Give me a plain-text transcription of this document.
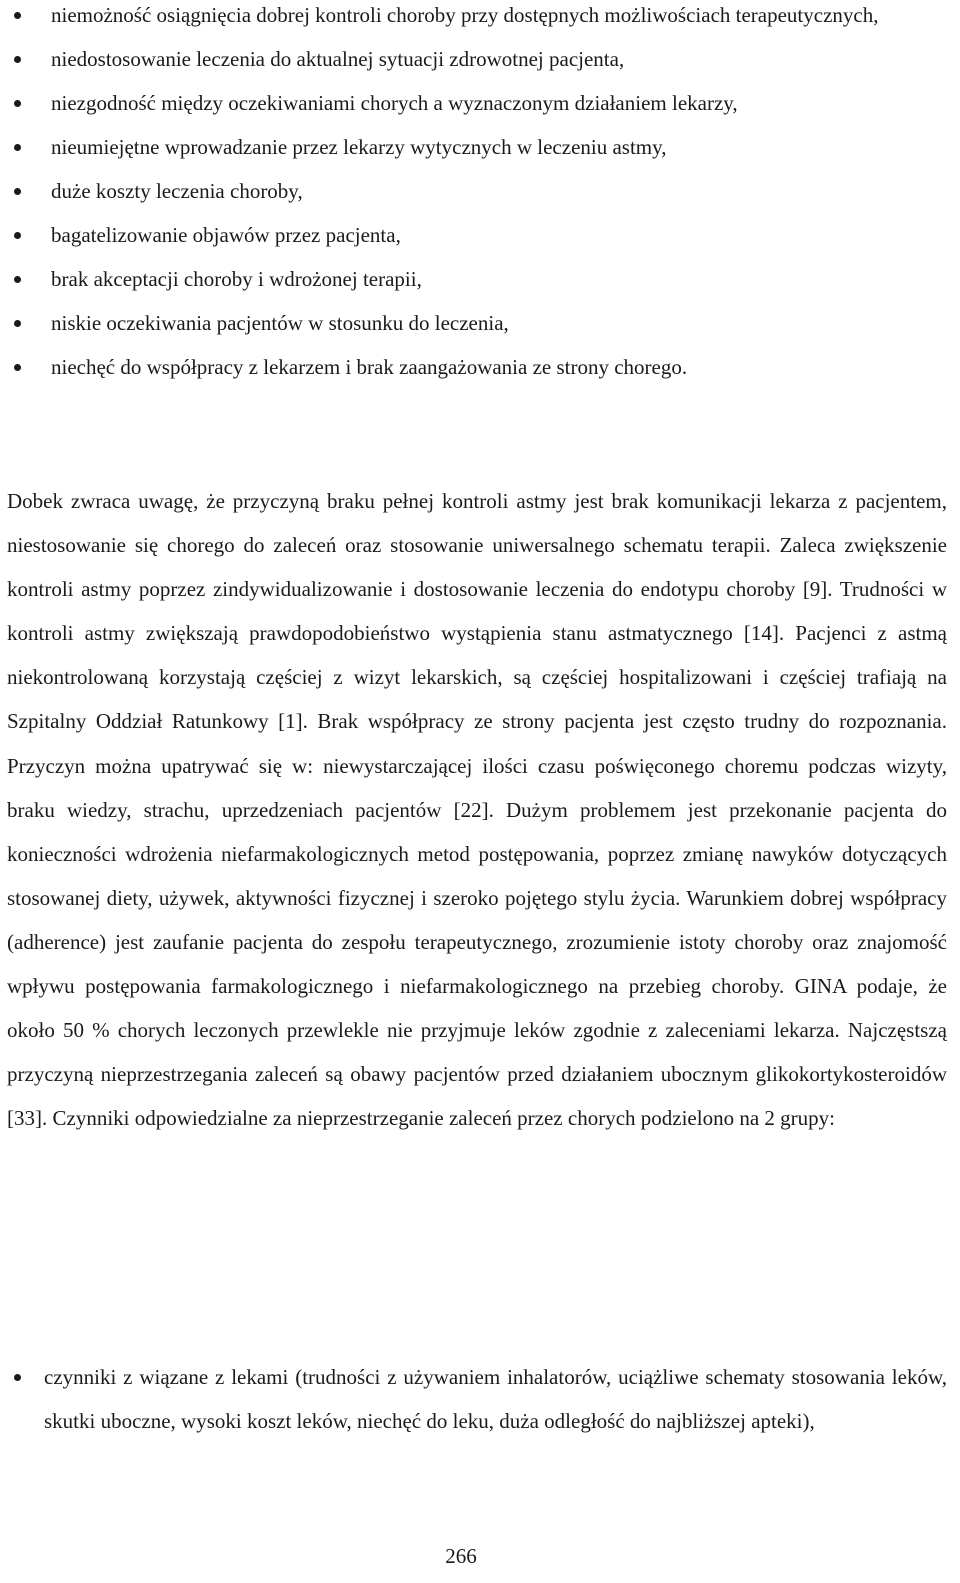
niemożność osiągnięcia dobrej kontroli choroby przy dostępnych możliwościach terapeutycznych,
niedostosowanie leczenia do aktualnej sytuacji zdrowotnej pacjenta,
niezgodność między oczekiwaniami chorych a wyznaczonym działaniem lekarzy,
nieumiejętne wprowadzanie przez lekarzy wytycznych w leczeniu astmy,
duże koszty leczenia choroby,
bagatelizowanie objawów przez pacjenta,
brak akceptacji choroby i wdrożonej terapii,
niskie oczekiwania pacjentów w stosunku do leczenia,
niechęć do współpracy z lekarzem i brak zaangażowania ze strony chorego.

Dobek zwraca uwagę, że przyczyną braku pełnej kontroli astmy jest brak komunikacji lekarza z pacjentem, niestosowanie się chorego do zaleceń oraz stosowanie uniwersalnego schematu terapii. Zaleca zwiększenie kontroli astmy poprzez zindywidualizowanie i dostosowanie leczenia do endotypu choroby [9]. Trudności w kontroli astmy zwiększają prawdopodobieństwo wystąpienia stanu astmatycznego [14]. Pacjenci z astmą niekontrolowaną korzystają częściej z wizyt lekarskich, są częściej hospitalizowani i częściej trafiają na Szpitalny Oddział Ratunkowy [1]. Brak współpracy ze strony pacjenta jest często trudny do rozpoznania. Przyczyn można upatrywać się w: niewystarczającej ilości czasu poświęconego choremu podczas wizyty, braku wiedzy, strachu, uprzedzeniach pacjentów [22]. Dużym problemem jest przekonanie pacjenta do konieczności wdrożenia niefarmakologicznych metod postępowania, poprzez zmianę nawyków dotyczących stosowanej diety, używek, aktywności fizycznej i szeroko pojętego stylu życia. Warunkiem dobrej współpracy (adherence) jest zaufanie pacjenta do zespołu terapeutycznego, zrozumienie istoty choroby oraz znajomość wpływu postępowania farmakologicznego i niefarmakologicznego na przebieg choroby. GINA podaje, że około 50 % chorych leczonych przewlekle nie przyjmuje leków zgodnie z zaleceniami lekarza. Najczęstszą przyczyną nieprzestrzegania zaleceń są obawy pacjentów przed działaniem ubocznym glikokortykosteroidów [33]. Czynniki odpowiedzialne za nieprzestrzeganie zaleceń przez chorych podzielono na 2 grupy:

czynniki z wiązane z lekami (trudności z używaniem inhalatorów, uciążliwe schematy stosowania leków, skutki uboczne, wysoki koszt leków, niechęć do leku, duża odległość do najbliższej apteki),
266
